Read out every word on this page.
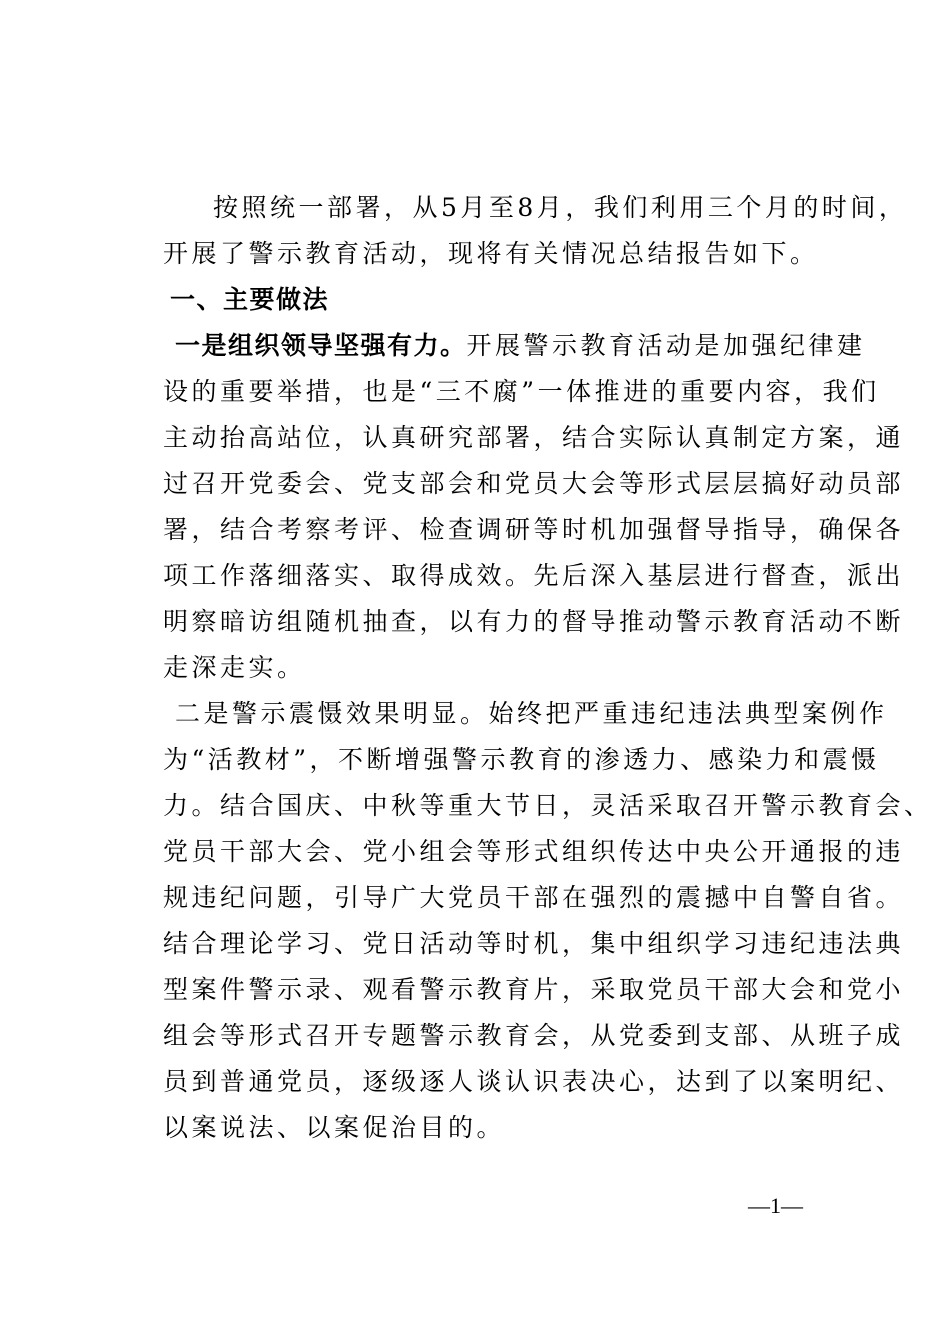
按照统一部署，从5月至8月，我们利用三个月的时间，
开展了警示教育活动，现将有关情况总结报告如下。
一、主要做法
一是组织领导坚强有力。开展警示教育活动是加强纪律建
设的重要举措，也是“三不腐”一体推进的重要内容，我们
主动抬高站位，认真研究部署，结合实际认真制定方案，通
过召开党委会、党支部会和党员大会等形式层层搞好动员部
署，结合考察考评、检查调研等时机加强督导指导，确保各
项工作落细落实、取得成效。先后深入基层进行督查，派出
明察暗访组随机抽查，以有力的督导推动警示教育活动不断
走深走实。
二是警示震慑效果明显。始终把严重违纪违法典型案例作
为“活教材”，不断增强警示教育的渗透力、感染力和震慑
力。结合国庆、中秋等重大节日，灵活采取召开警示教育会、
党员干部大会、党小组会等形式组织传达中央公开通报的违
规违纪问题，引导广大党员干部在强烈的震撼中自警自省。
结合理论学习、党日活动等时机，集中组织学习违纪违法典
型案件警示录、观看警示教育片，采取党员干部大会和党小
组会等形式召开专题警示教育会，从党委到支部、从班子成
员到普通党员，逐级逐人谈认识表决心，达到了以案明纪、
以案说法、以案促治目的。
—1—
